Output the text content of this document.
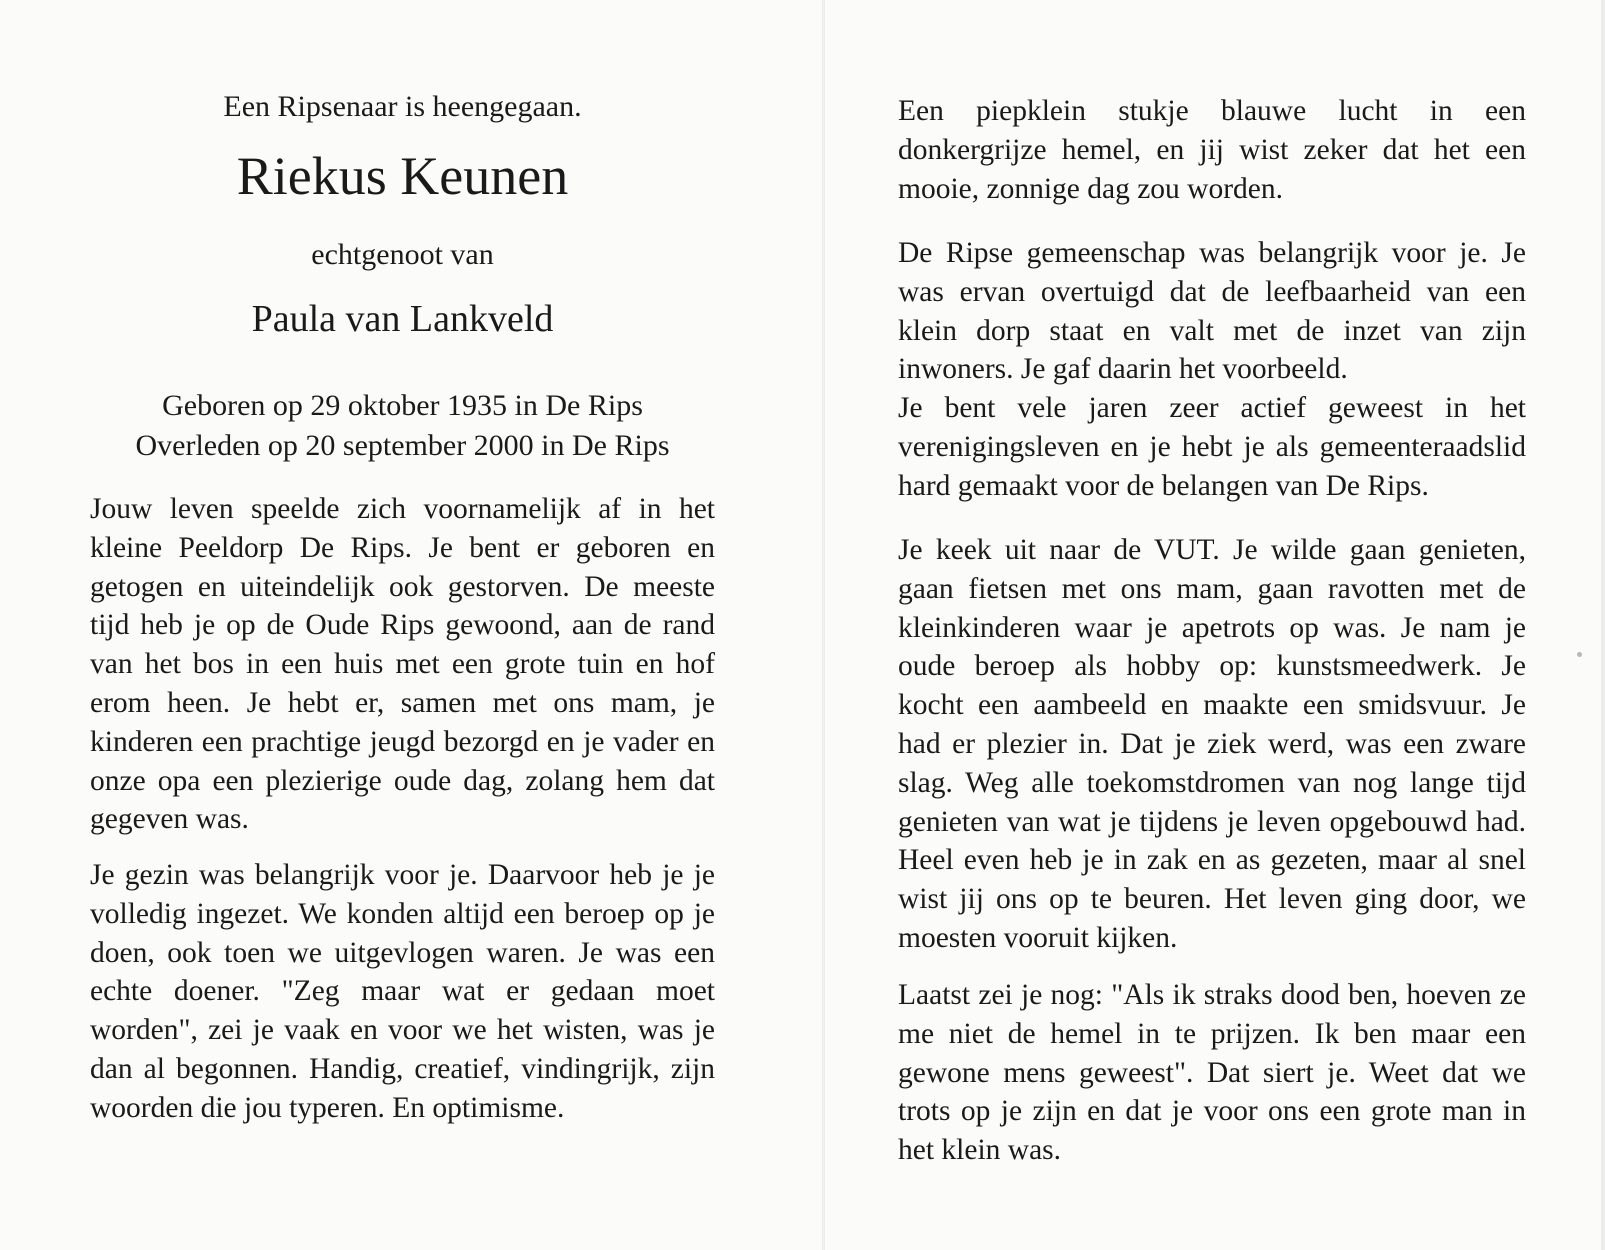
Een Ripsenaar is heengegaan.
Riekus Keunen
echtgenoot van
Paula van Lankveld
Geboren op 29 oktober 1935 in De Rips
Overleden op 20 september 2000 in De Rips

Jouw leven speelde zich voornamelijk af in het kleine Peeldorp De Rips. Je bent er geboren en getogen en uiteindelijk ook gestorven. De meeste tijd heb je op de Oude Rips gewoond, aan de rand van het bos in een huis met een grote tuin en hof erom heen. Je hebt er, samen met ons mam, je kinderen een prachtige jeugd bezorgd en je vader en onze opa een plezierige oude dag, zolang hem dat gegeven was.

Je gezin was belangrijk voor je. Daarvoor heb je je volledig ingezet. We konden altijd een beroep op je doen, ook toen we uitgevlogen waren. Je was een echte doener. "Zeg maar wat er gedaan moet worden", zei je vaak en voor we het wisten, was je dan al begonnen. Handig, creatief, vindingrijk, zijn woorden die jou typeren. En optimisme.

Een piepklein stukje blauwe lucht in een donkergrijze hemel, en jij wist zeker dat het een mooie, zonnige dag zou worden.

De Ripse gemeenschap was belangrijk voor je. Je was ervan overtuigd dat de leefbaarheid van een klein dorp staat en valt met de inzet van zijn inwoners. Je gaf daarin het voorbeeld.
Je bent vele jaren zeer actief geweest in het verenigingsleven en je hebt je als gemeenteraadslid hard gemaakt voor de belangen van De Rips.

Je keek uit naar de VUT. Je wilde gaan genieten, gaan fietsen met ons mam, gaan ravotten met de kleinkinderen waar je apetrots op was. Je nam je oude beroep als hobby op: kunstsmeedwerk. Je kocht een aambeeld en maakte een smidsvuur. Je had er plezier in. Dat je ziek werd, was een zware slag. Weg alle toekomstdromen van nog lange tijd genieten van wat je tijdens je leven opgebouwd had. Heel even heb je in zak en as gezeten, maar al snel wist jij ons op te beuren. Het leven ging door, we moesten vooruit kijken.

Laatst zei je nog: "Als ik straks dood ben, hoeven ze me niet de hemel in te prijzen. Ik ben maar een gewone mens geweest". Dat siert je. Weet dat we trots op je zijn en dat je voor ons een grote man in het klein was.
